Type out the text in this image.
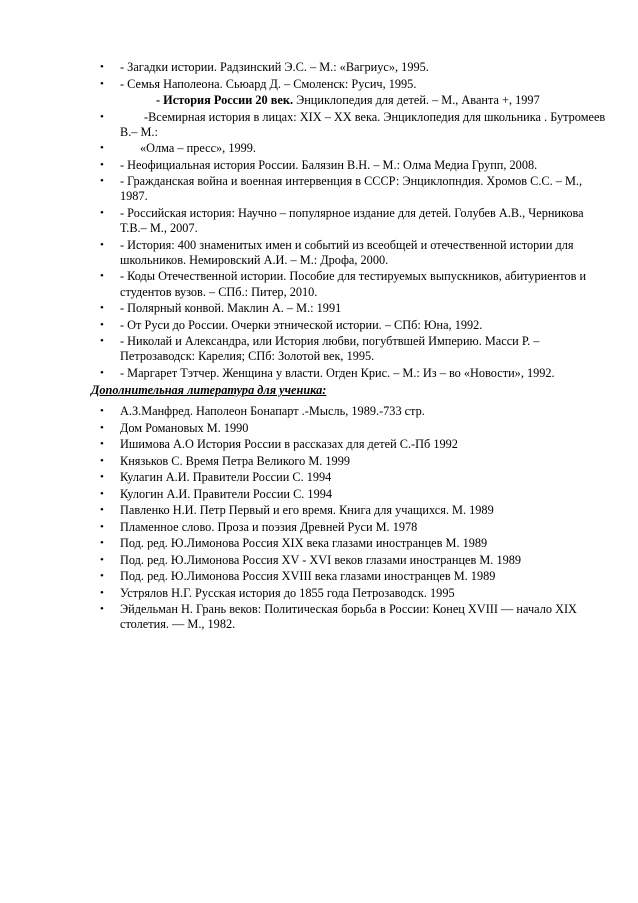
• - Загадки истории. Радзинский Э.С. – М.: «Вагриус», 1995.
• - Семья Наполеона. Сьюард Д. – Смоленск: Русич, 1995.
- История России 20 век. Энциклопедия для детей. – М., Аванта +, 1997
•	-Всемирная история в лицах: XIX – XX века. Энциклопедия для школьника . Бутромеев В.– М.:
•	«Олма – пресс», 1999.
• - Неофициальная история России. Балязин В.Н. – М.: Олма Медиа Групп, 2008.
• - Гражданская война и военная интервенция в СССР: Энциклопндия. Хромов С.С. – М., 1987.
• - Российская история: Научно – популярное издание для детей. Голубев А.В., Черникова Т.В.– М., 2007.
• - История: 400 знаменитых имен и событий из всеобщей и отечественной истории для школьников. Немировский А.И. – М.: Дрофа, 2000.
• - Коды Отечественной истории. Пособие для тестируемых выпускников, абитуриентов и студентов вузов. – СПб.: Питер, 2010.
• - Полярный конвой. Маклин А. – М.: 1991
• - От Руси до России. Очерки этнической истории. – СПб: Юна, 1992.
• - Николай и Александра, или История любви, погубтвшей Империю. Масси Р. – Петрозаводск: Карелия; СПб: Золотой век, 1995.
• - Маргарет Тэтчер. Женщина у власти. Огден Крис. – М.: Из – во «Новости», 1992.
Дополнительная литература для ученика:
• А.З.Манфред. Наполеон Бонапарт .-Мысль, 1989.-733 стр.
• Дом Романовых М. 1990
• Ишимова А.О История России в рассказах для детей С.-Пб 1992
• Князьков С. Время Петра Великого М. 1999
• Кулагин А.И. Правители России С. 1994
• Кулогин А.И. Правители России С. 1994
• Павленко Н.И. Петр Первый и его время. Книга для учащихся. М. 1989
• Пламенное слово. Проза и поэзия Древней Руси М. 1978
• Под. ред. Ю.Лимонова Россия XIX века глазами иностранцев М. 1989
• Под. ред. Ю.Лимонова Россия XV - XVI веков глазами иностранцев М. 1989
• Под. ред. Ю.Лимонова Россия XVIII века глазами иностранцев М. 1989
• Устрялов Н.Г. Русская история до 1855 года Петрозаводск. 1995
• Эйдельман Н. Грань веков: Политическая борьба в России: Конец XVIII — начало XIX столетия. — М., 1982.
